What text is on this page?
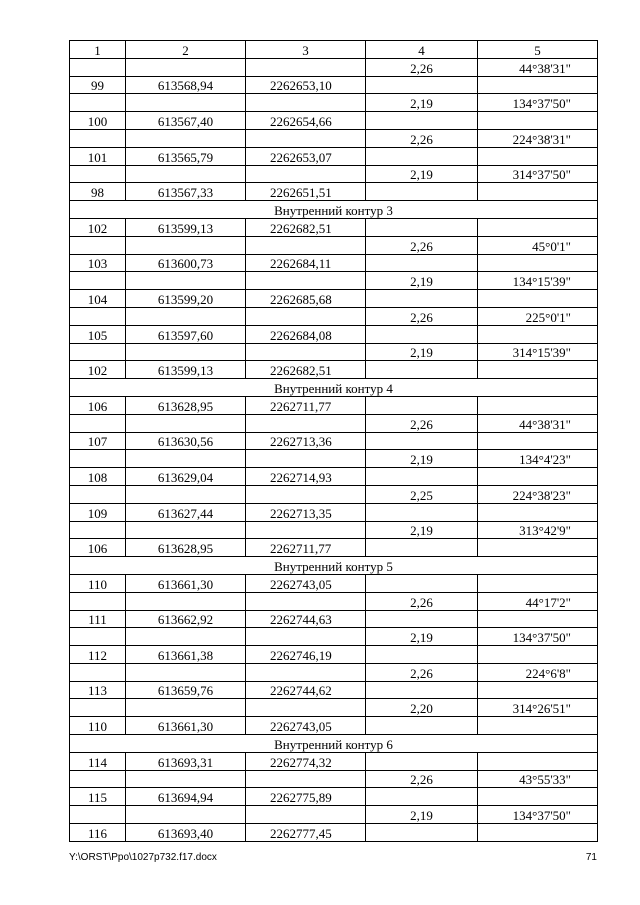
1	2	3	4	5
			2,26	44°38'31"
99	613568,94	2262653,10		
			2,19	134°37'50"
100	613567,40	2262654,66		
			2,26	224°38'31"
101	613565,79	2262653,07		
			2,19	314°37'50"
98	613567,33	2262651,51		
Внутренний контур 3				
102	613599,13	2262682,51		
			2,26	45°0'1"
103	613600,73	2262684,11		
			2,19	134°15'39"
104	613599,20	2262685,68		
			2,26	225°0'1"
105	613597,60	2262684,08		
			2,19	314°15'39"
102	613599,13	2262682,51		
Внутренний контур 4				
106	613628,95	2262711,77		
			2,26	44°38'31"
107	613630,56	2262713,36		
			2,19	134°4'23"
108	613629,04	2262714,93		
			2,25	224°38'23"
109	613627,44	2262713,35		
			2,19	313°42'9"
106	613628,95	2262711,77		
Внутренний контур 5				
110	613661,30	2262743,05		
			2,26	44°17'2"
111	613662,92	2262744,63		
			2,19	134°37'50"
112	613661,38	2262746,19		
			2,26	224°6'8"
113	613659,76	2262744,62		
			2,20	314°26'51"
110	613661,30	2262743,05		
Внутренний контур 6				
114	613693,31	2262774,32		
			2,26	43°55'33"
115	613694,94	2262775,89		
			2,19	134°37'50"
116	613693,40	2262777,45		
Y:\ORST\Ppo\1027p732.f17.docx	71
